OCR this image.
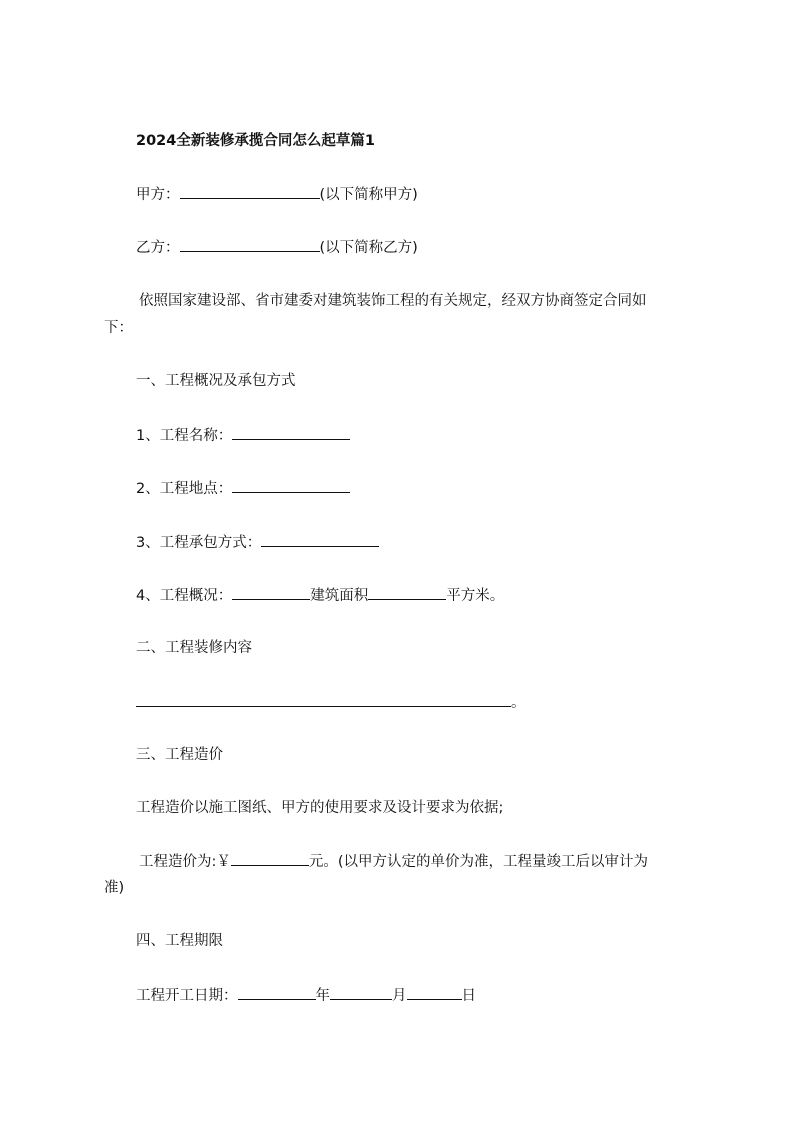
2024全新装修承揽合同怎么起草篇1
甲方：	(以下简称甲方)
乙方：	(以下简称乙方)
依照国家建设部、省市建委对建筑装饰工程的有关规定，经双方协商签定合同如
下：
一、工程概况及承包方式
1、工程名称：
2、工程地点：
3、工程承包方式：
4、工程概况：	建筑面积	平方米。
二、工程装修内容
。
三、工程造价
工程造价以施工图纸、甲方的使用要求及设计要求为依据;
工程造价为:￥	元。(以甲方认定的单价为准，工程量竣工后以审计为
准)
四、工程期限
工程开工日期：	年	月	日
